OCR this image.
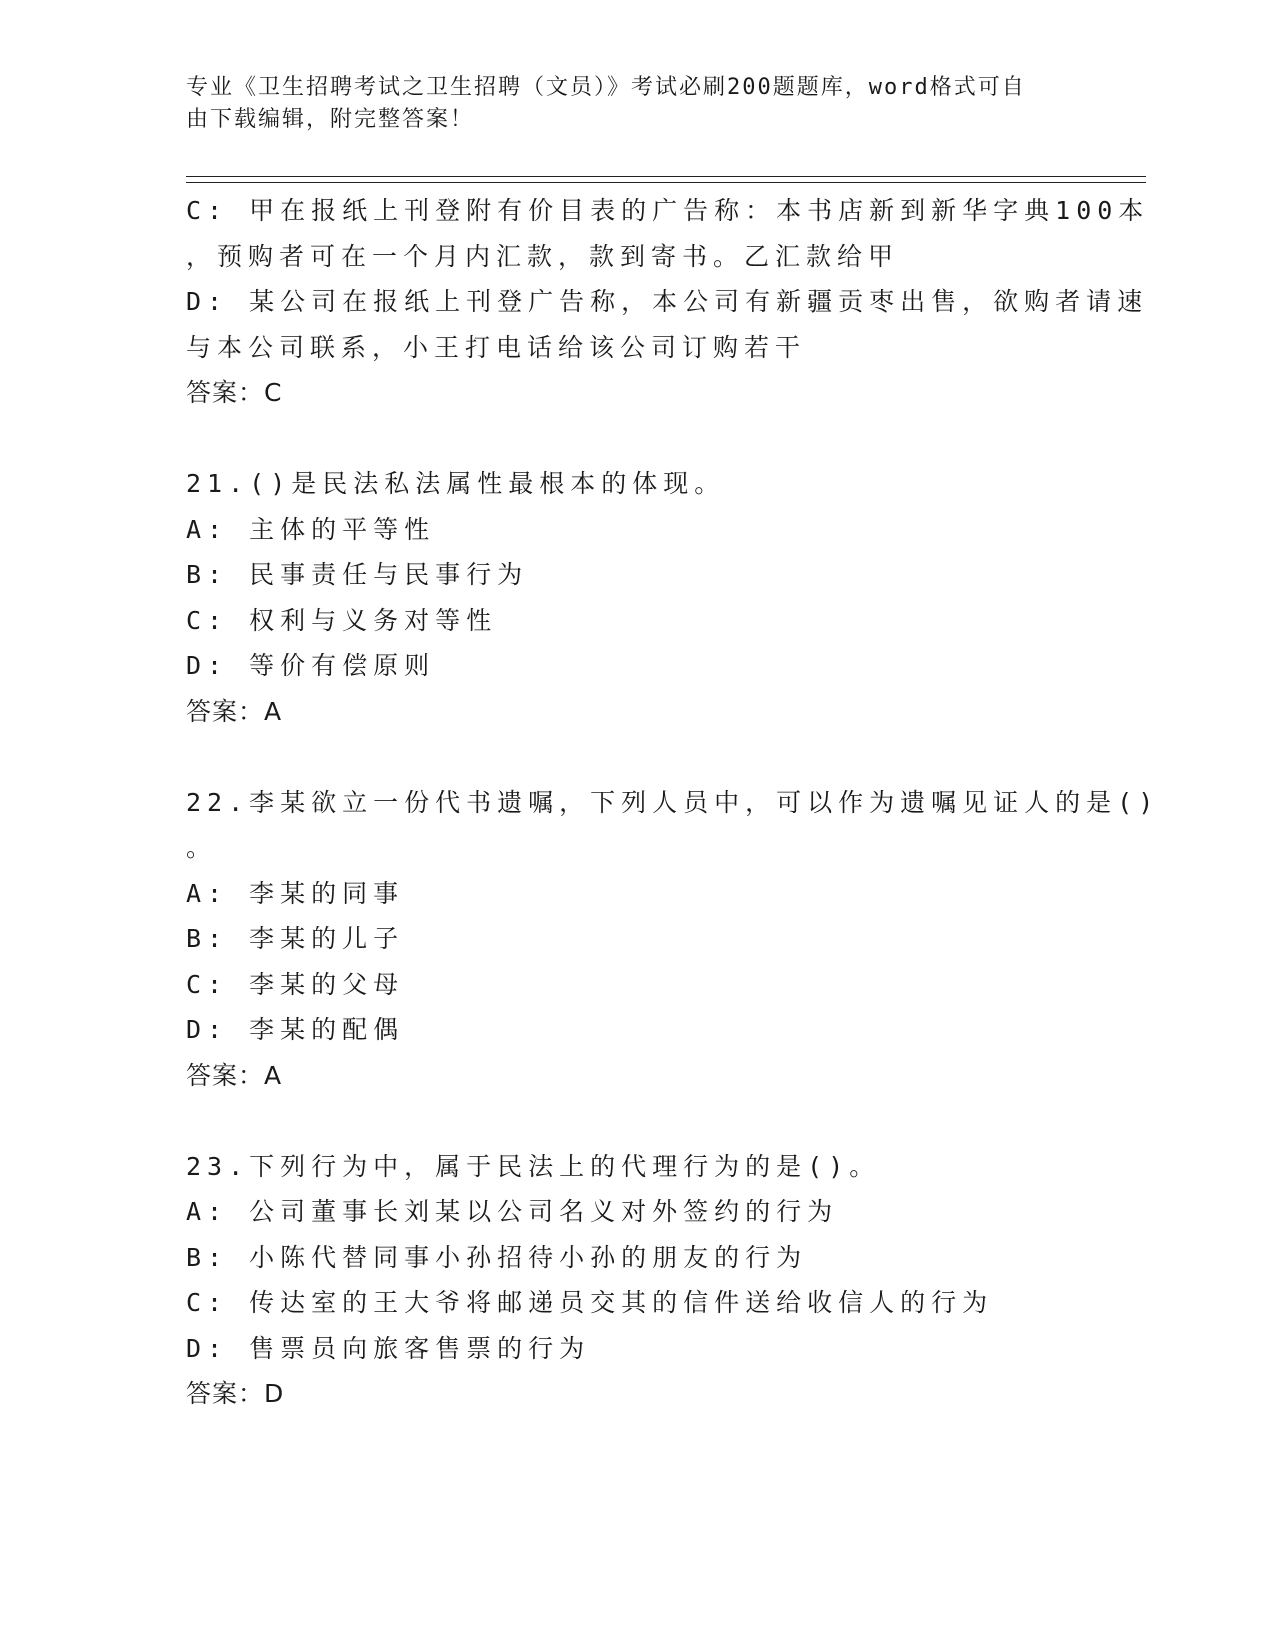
专业《卫生招聘考试之卫生招聘（文员）》考试必刷200题题库，word格式可自
由下载编辑，附完整答案！
C: 甲在报纸上刊登附有价目表的广告称：本书店新到新华字典100本
，预购者可在一个月内汇款，款到寄书。乙汇款给甲
D: 某公司在报纸上刊登广告称，本公司有新疆贡枣出售，欲购者请速
与本公司联系，小王打电话给该公司订购若干
答案：C
21.()是民法私法属性最根本的体现。
A: 主体的平等性
B: 民事责任与民事行为
C: 权利与义务对等性
D: 等价有偿原则
答案：A
22.李某欲立一份代书遗嘱，下列人员中，可以作为遗嘱见证人的是()
。
A: 李某的同事
B: 李某的儿子
C: 李某的父母
D: 李某的配偶
答案：A
23.下列行为中，属于民法上的代理行为的是()。
A: 公司董事长刘某以公司名义对外签约的行为
B: 小陈代替同事小孙招待小孙的朋友的行为
C: 传达室的王大爷将邮递员交其的信件送给收信人的行为
D: 售票员向旅客售票的行为
答案：D
